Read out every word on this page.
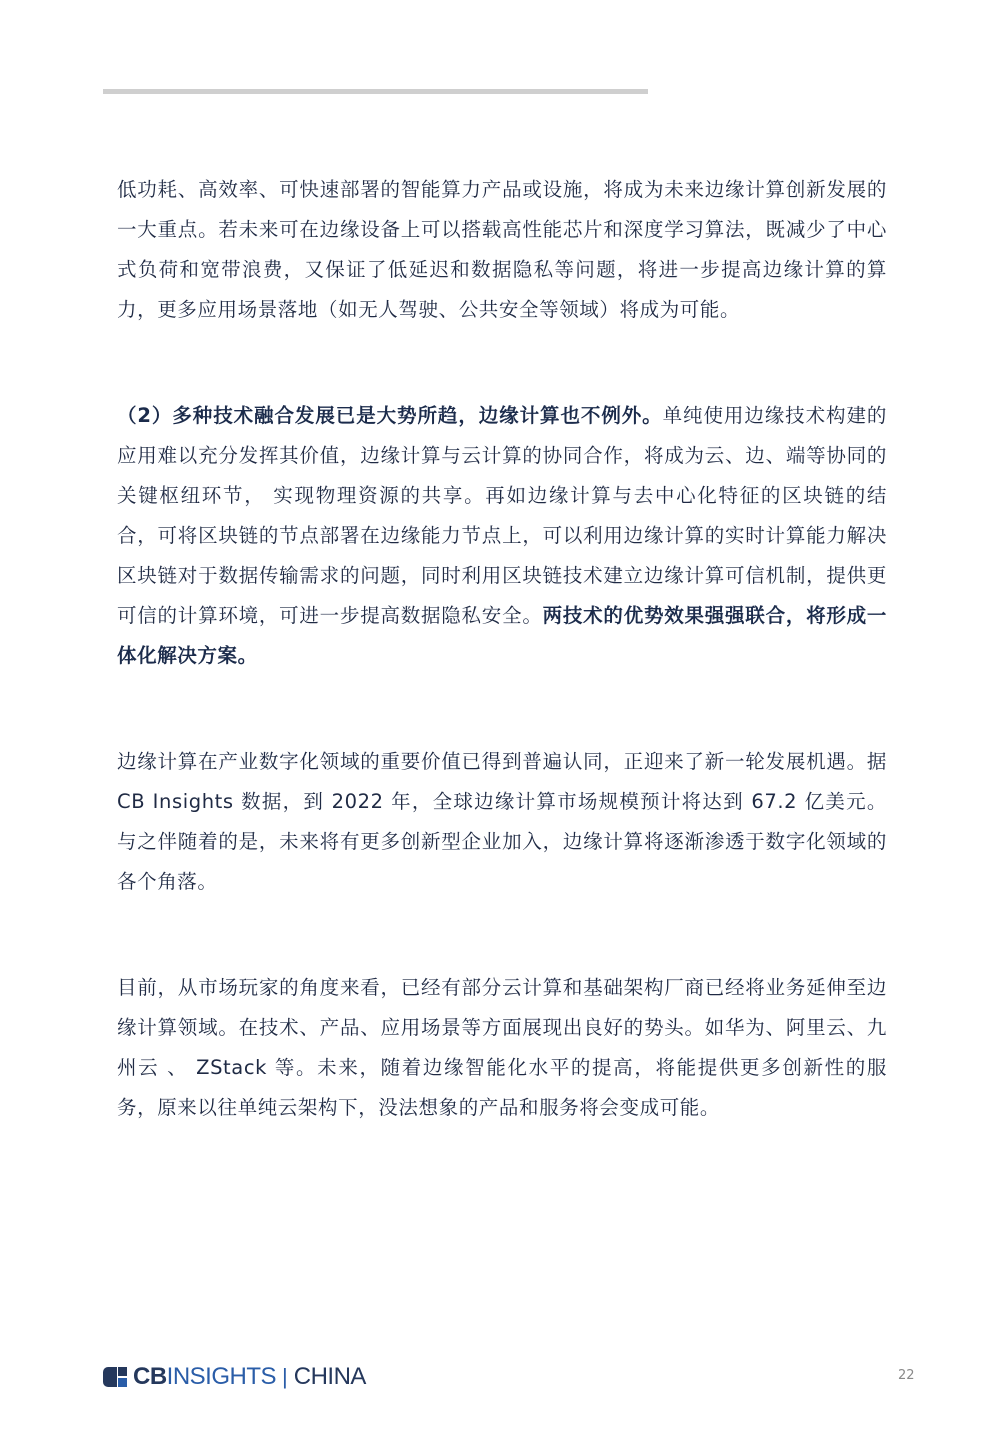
低功耗、高效率、可快速部署的智能算力产品或设施，将成为未来边缘计算创新发展的一大重点。若未来可在边缘设备上可以搭载高性能芯片和深度学习算法，既减少了中心式负荷和宽带浪费，又保证了低延迟和数据隐私等问题，将进一步提高边缘计算的算力，更多应用场景落地（如无人驾驶、公共安全等领域）将成为可能。

（2）多种技术融合发展已是大势所趋，边缘计算也不例外。单纯使用边缘技术构建的应用难以充分发挥其价值，边缘计算与云计算的协同合作，将成为云、边、端等协同的关键枢纽环节， 实现物理资源的共享。再如边缘计算与去中心化特征的区块链的结合，可将区块链的节点部署在边缘能力节点上，可以利用边缘计算的实时计算能力解决区块链对于数据传输需求的问题，同时利用区块链技术建立边缘计算可信机制，提供更可信的计算环境，可进一步提高数据隐私安全。两技术的优势效果强强联合，将形成一体化解决方案。

边缘计算在产业数字化领域的重要价值已得到普遍认同，正迎来了新一轮发展机遇。据 CB Insights 数据，到 2022 年，全球边缘计算市场规模预计将达到 67.2 亿美元。与之伴随着的是，未来将有更多创新型企业加入，边缘计算将逐渐渗透于数字化领域的各个角落。

目前，从市场玩家的角度来看，已经有部分云计算和基础架构厂商已经将业务延伸至边缘计算领域。在技术、产品、应用场景等方面展现出良好的势头。如华为、阿里云、九州云 、 ZStack 等。未来，随着边缘智能化水平的提高，将能提供更多创新性的服务，原来以往单纯云架构下，没法想象的产品和服务将会变成可能。

CB INSIGHTS | CHINA	22
